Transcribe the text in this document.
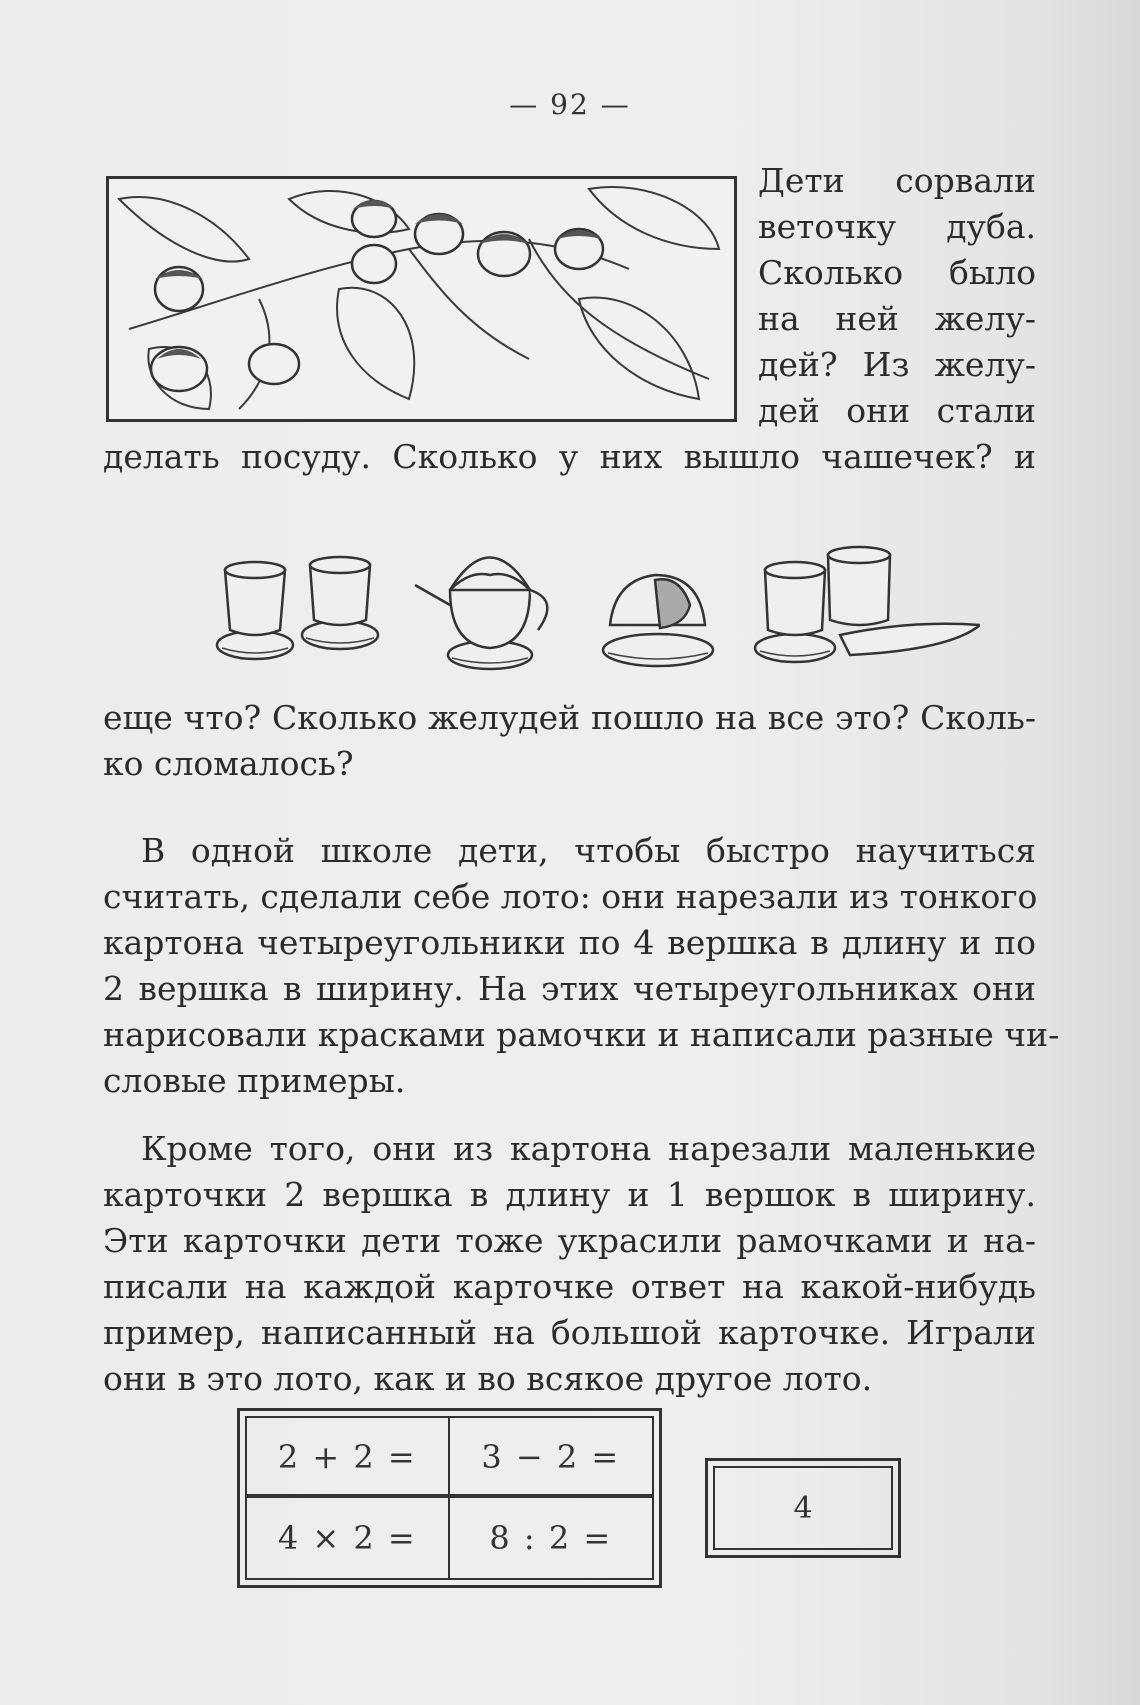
— 92 —
Дети сорвали
веточку дуба.
Сколько было
на ней желу-
дей? Из желу-
дей они стали
делать посуду. Сколько у них вышло чашечек? и
еще что? Сколько желудей пошло на все это? Сколь-
ко сломалось?
В одной школе дети, чтобы быстро научиться
считать, сделали себе лото: они нарезали из тонкого
картона четыреугольники по 4 вершка в длину и по
2 вершка в ширину. На этих четыреугольниках они
нарисовали красками рамочки и написали разные чи-
словые примеры.
Кроме того, они из картона нарезали маленькие
карточки 2 вершка в длину и 1 вершок в ширину.
Эти карточки дети тоже украсили рамочками и на-
писали на каждой карточке ответ на какой-нибудь
пример, написанный на большой карточке. Играли
они в это лото, как и во всякое другое лото.
2 + 2 =	3 − 2 =
4 × 2 =	8 : 2 =
4
